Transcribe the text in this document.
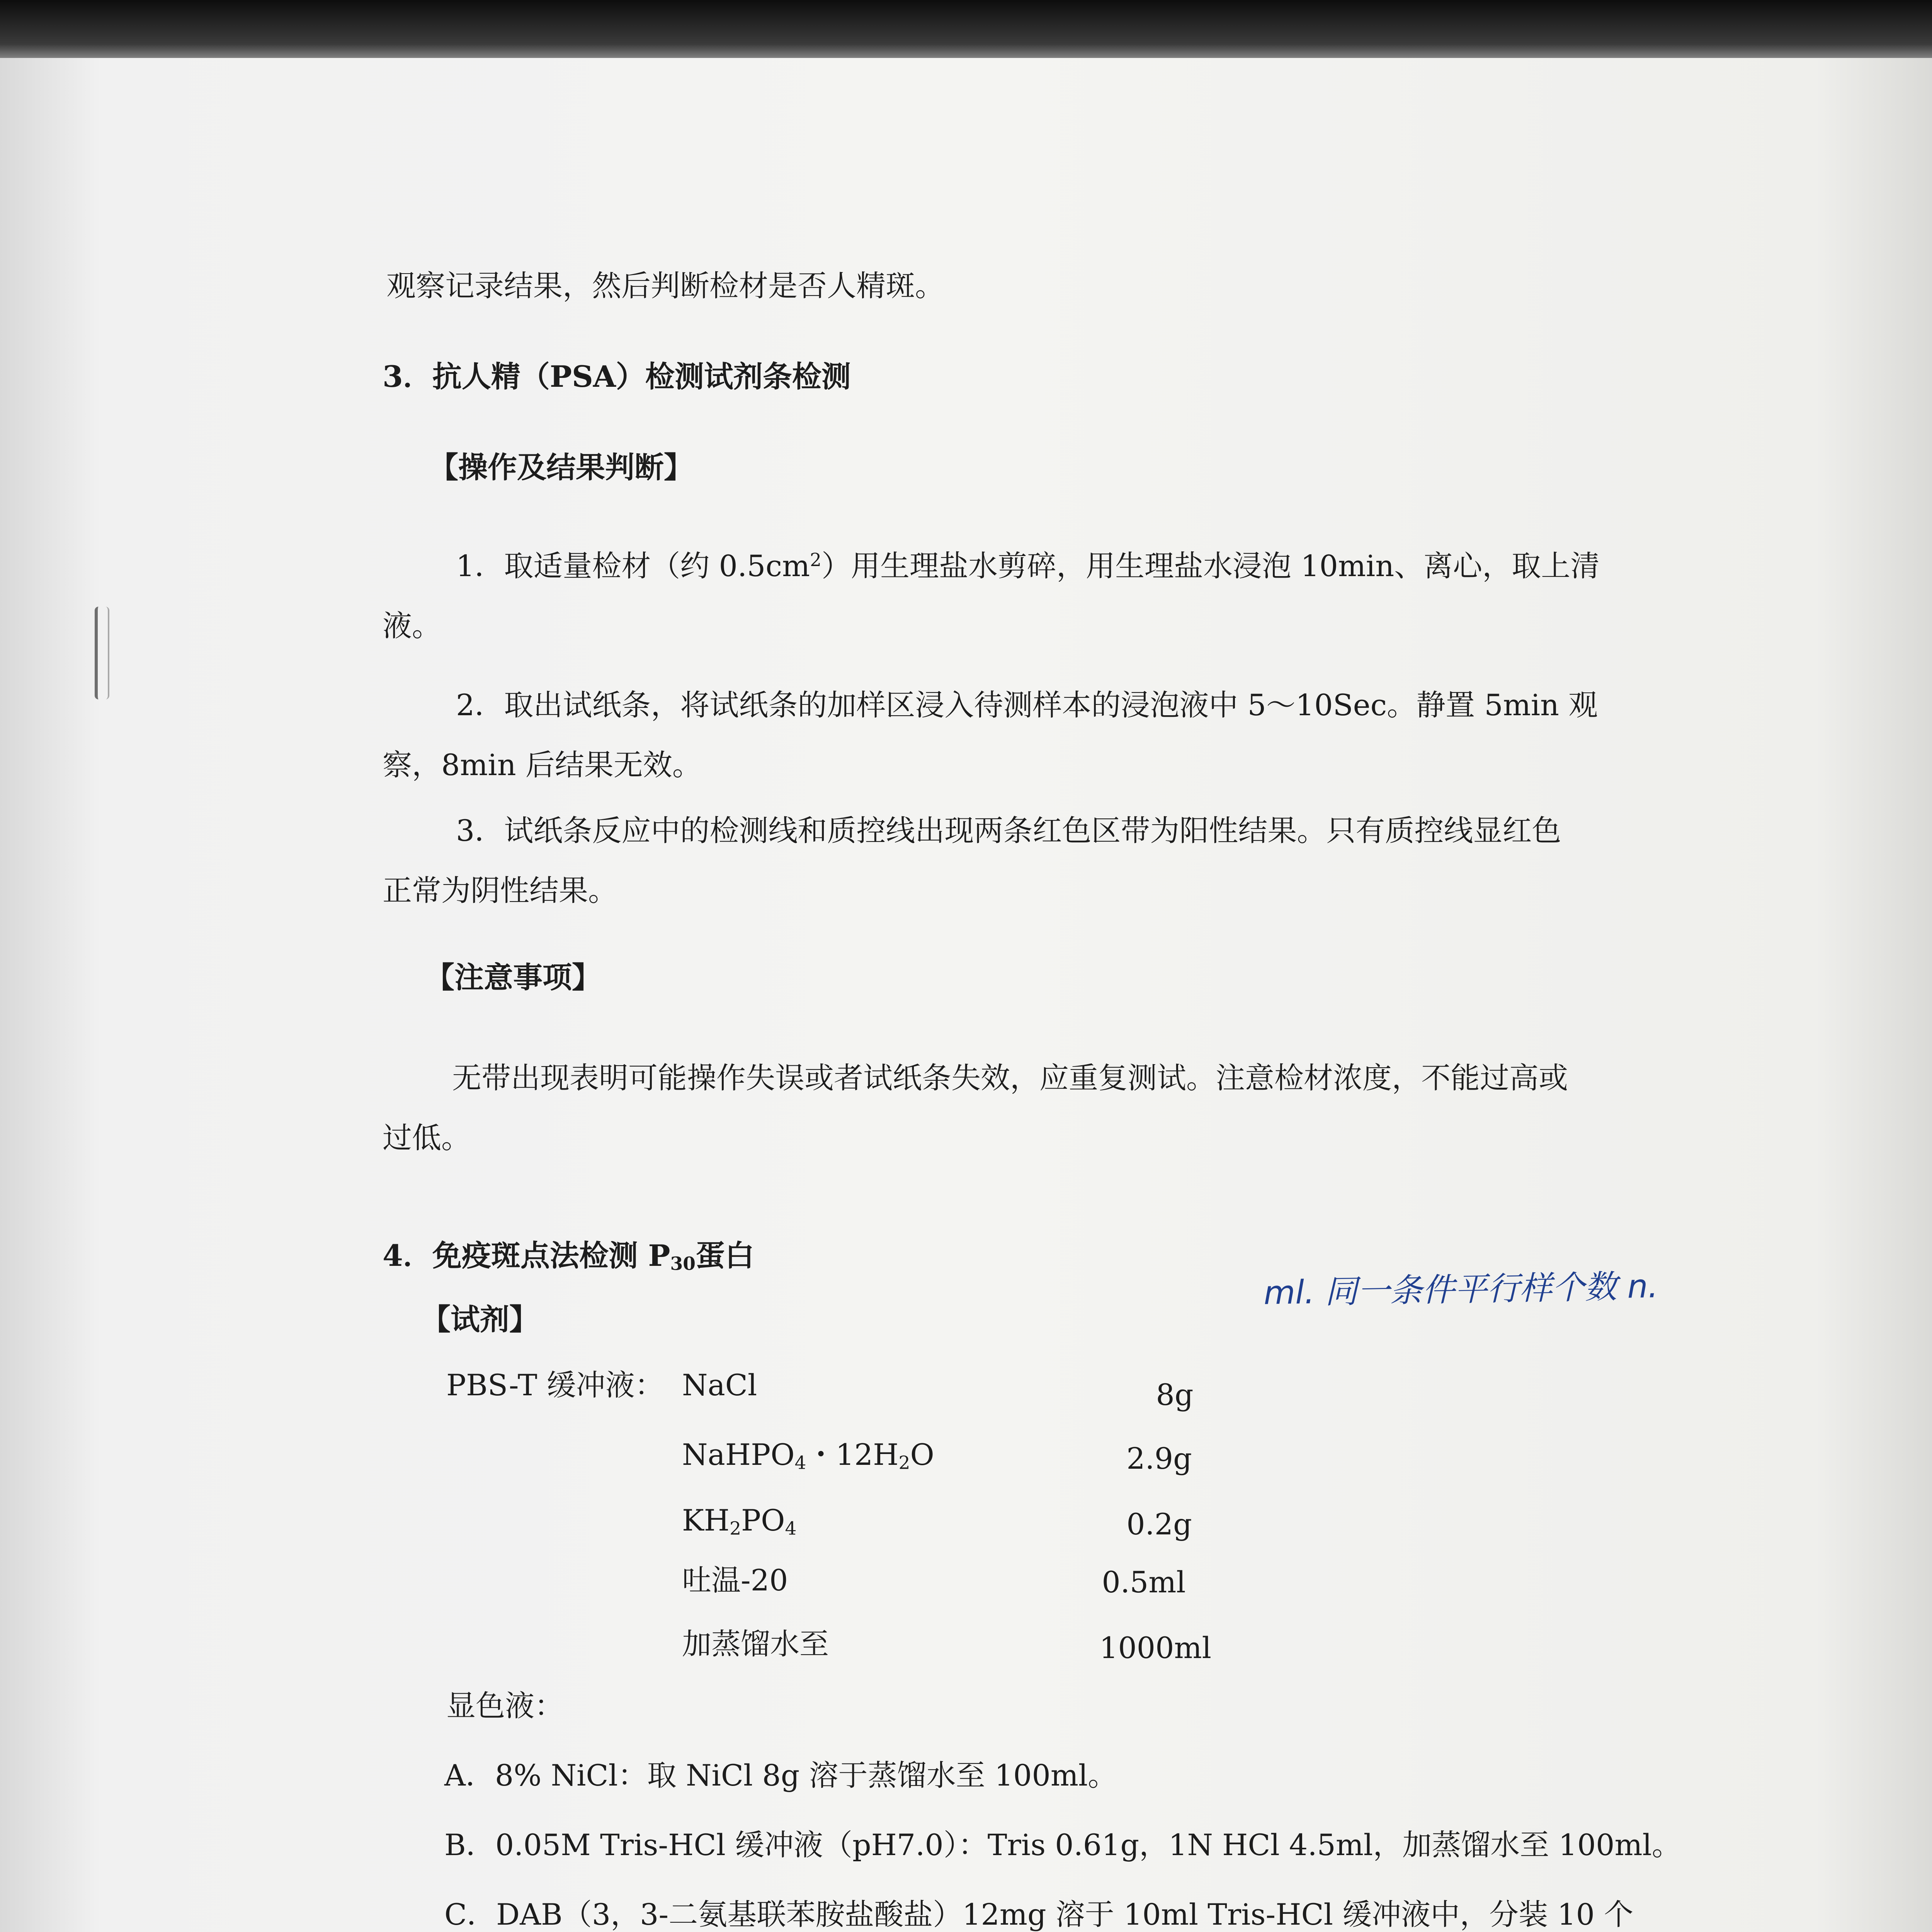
观察记录结果，然后判断检材是否人精斑。
3．抗人精（PSA）检测试剂条检测
【操作及结果判断】
1．取适量检材（约 $0.5cm^2$）用生理盐水剪碎，用生理盐水浸泡 10min、离心，取上清
液。
2．取出试纸条，将试纸条的加样区浸入待测样本的浸泡液中 5～10Sec。静置 5min 观
察，8min 后结果无效。
3．试纸条反应中的检测线和质控线出现两条红色区带为阳性结果。只有质控线显红色
正常为阴性结果。
【注意事项】
无带出现表明可能操作失误或者试纸条失效，应重复测试。注意检材浓度，不能过高或
过低。
4．免疫斑点法检测 $P_{30}$蛋白
ml. 同一条件平行样个数 n.
【试剂】
PBS-T 缓冲液： NaCl	8g
NaHPO$_4$・$12H_2O$	2.9g
$KH_2PO_4$	0.2g
吐温-20	0.5ml
加蒸馏水至	1000ml
显色液：
A．8% NiCl：取 NiCl 8g 溶于蒸馏水至 100ml。
B．0.05M Tris-HCl 缓冲液（pH7.0）：Tris 0.61g，1N HCl 4.5ml，加蒸馏水至 100ml。
C．DAB（3，3-二氨基联苯胺盐酸盐）12mg 溶于 10ml Tris-HCl 缓冲液中，分装 10 个
